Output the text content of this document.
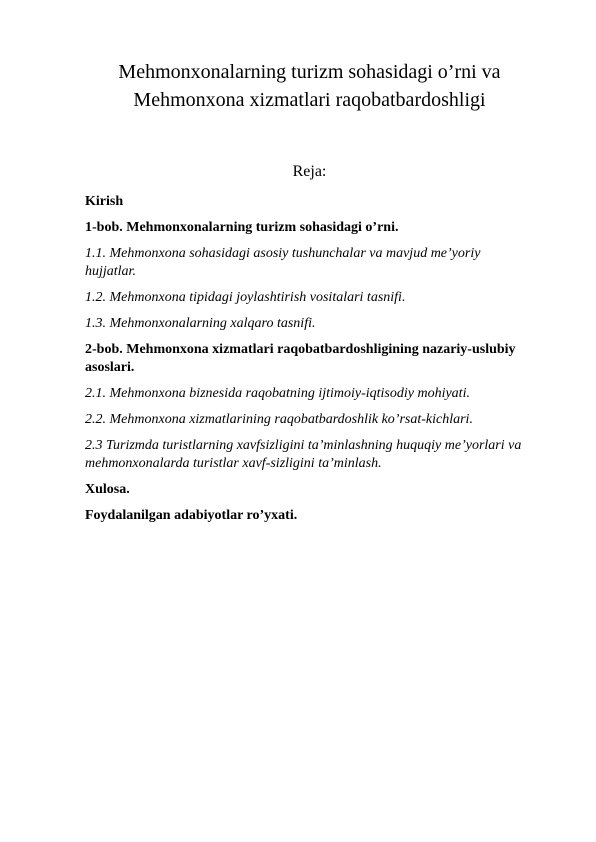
Mehmonxonalarning turizm sohasidagi o’rni va
Mehmonxona xizmatlari raqobatbardoshligi
Reja:
Kirish
1-bob. Mehmonxonalarning turizm sohasidagi o’rni.
1.1. Mehmonxona sohasidagi asosiy tushunchalar va mavjud me’yoriy hujjatlar.
1.2. Mehmonxona tipidagi joylashtirish vositalari tasnifi.
1.3. Mehmonxonalarning xalqaro tasnifi.
2-bob. Mehmonxona xizmatlari raqobatbardoshligining nazariy-uslubiy asoslari.
2.1. Mehmonxona biznesida raqobatning ijtimoiy-iqtisodiy mohiyati.
2.2. Mehmonxona xizmatlarining raqobatbardoshlik ko’rsat-kichlari.
2.3 Turizmda turistlarning xavfsizligini ta’minlashning huquqiy me’yorlari va mehmonxonalarda turistlar xavf-sizligini ta’minlash.
Xulosa.
Foydalanilgan adabiyotlar ro’yxati.
